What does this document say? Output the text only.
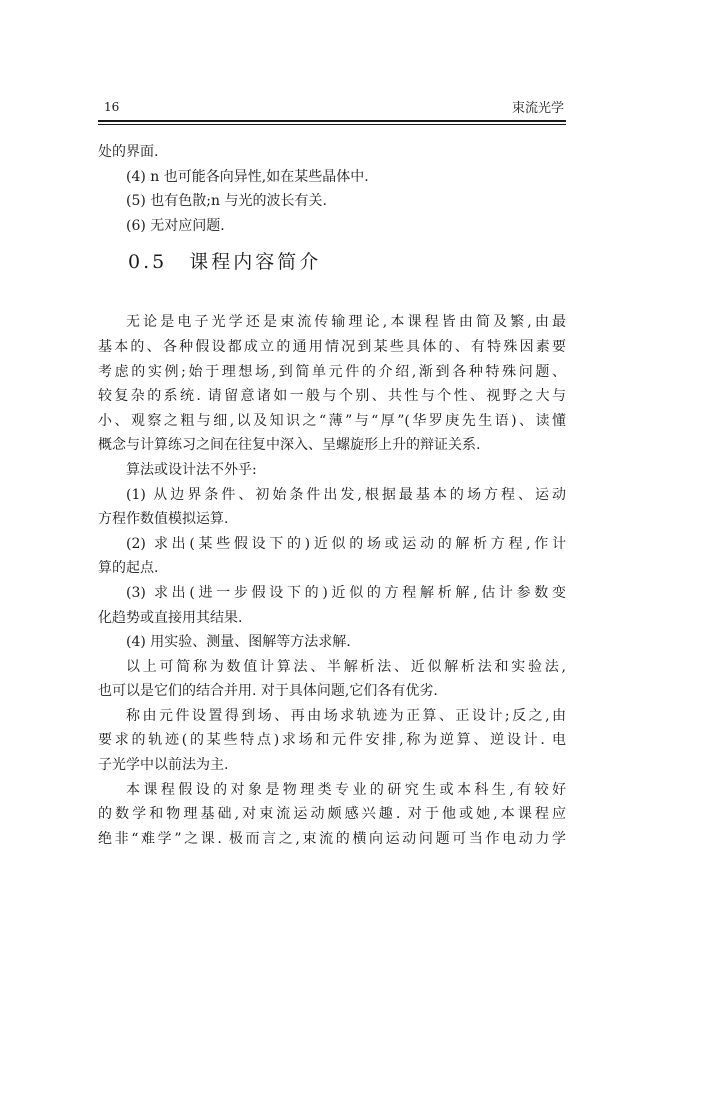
16	束流光学
处的界面.
(4) n 也可能各向异性,如在某些晶体中.
(5) 也有色散;n 与光的波长有关.
(6) 无对应问题.
0.5 课程内容简介
无论是电子光学还是束流传输理论,本课程皆由简及繁,由最
基本的、各种假设都成立的通用情况到某些具体的、有特殊因素要
考虑的实例;始于理想场,到简单元件的介绍,渐到各种特殊问题、
较复杂的系统. 请留意诸如一般与个别、共性与个性、视野之大与
小、观察之粗与细,以及知识之“薄”与“厚”(华罗庚先生语)、读懂
概念与计算练习之间在往复中深入、呈螺旋形上升的辩证关系.
算法或设计法不外乎:
(1) 从边界条件、初始条件出发,根据最基本的场方程、运动
方程作数值模拟运算.
(2) 求出(某些假设下的)近似的场或运动的解析方程,作计
算的起点.
(3) 求出(进一步假设下的)近似的方程解析解,估计参数变
化趋势或直接用其结果.
(4) 用实验、测量、图解等方法求解.
以上可简称为数值计算法、半解析法、近似解析法和实验法,
也可以是它们的结合并用. 对于具体问题,它们各有优劣.
称由元件设置得到场、再由场求轨迹为正算、正设计;反之,由
要求的轨迹(的某些特点)求场和元件安排,称为逆算、逆设计. 电
子光学中以前法为主.
本课程假设的对象是物理类专业的研究生或本科生,有较好
的数学和物理基础,对束流运动颇感兴趣. 对于他或她,本课程应
绝非“难学”之课. 极而言之,束流的横向运动问题可当作电动力学
